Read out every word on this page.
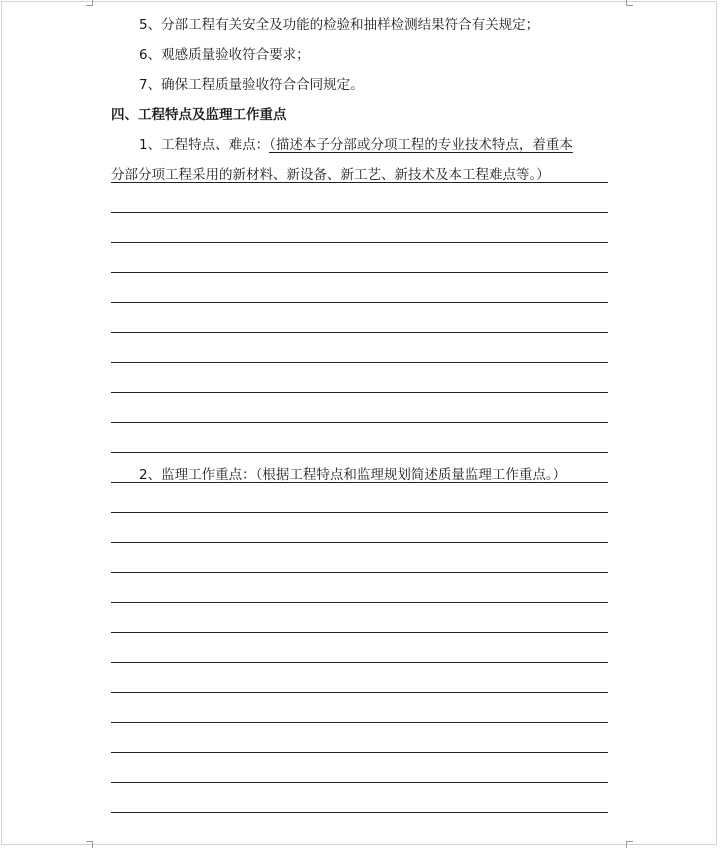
5、分部工程有关安全及功能的检验和抽样检测结果符合有关规定；
6、观感质量验收符合要求；
7、确保工程质量验收符合合同规定。
四、工程特点及监理工作重点
1、工程特点、难点：（描述本子分部或分项工程的专业技术特点，着重本
分部分项工程采用的新材料、新设备、新工艺、新技术及本工程难点等。）
2、监理工作重点：（根据工程特点和监理规划简述质量监理工作重点。）
